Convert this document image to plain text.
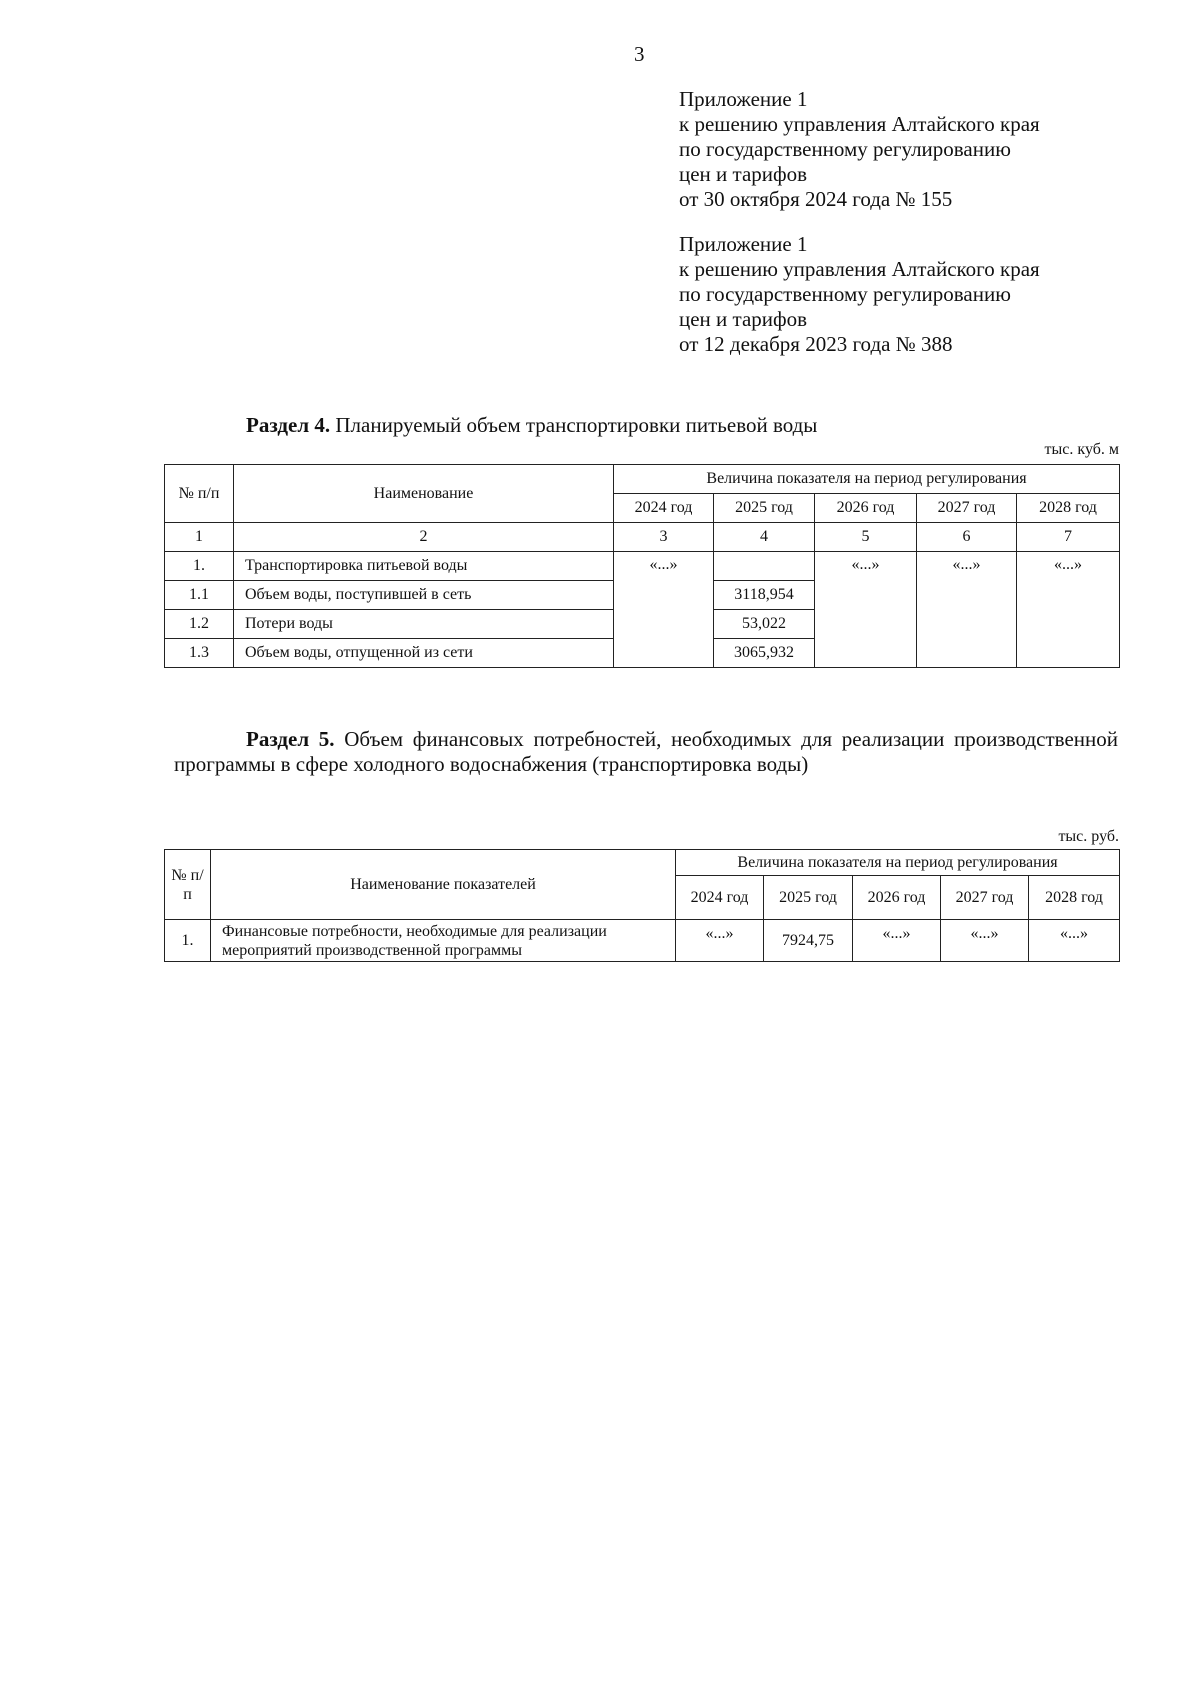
3
Приложение 1
к решению управления Алтайского края
по государственному регулированию
цен и тарифов
от 30 октября 2024 года № 155
Приложение 1
к решению управления Алтайского края
по государственному регулированию
цен и тарифов
от 12 декабря 2023 года № 388
Раздел 4. Планируемый объем транспортировки питьевой воды
тыс. куб. м
№ п/п	Наименование	Величина показателя на период регулирования				
		2024 год	2025 год	2026 год	2027 год	2028 год
1	2	3	4	5	6	7
1.	Транспортировка питьевой воды	«...»		«...»	«...»	«...»
1.1	Объем воды, поступившей в сеть		3118,954			
1.2	Потери воды		53,022			
1.3	Объем воды, отпущенной из сети		3065,932			
Раздел 5. Объем финансовых потребностей, необходимых для реализации производственной программы в сфере холодного водоснабжения (транспортировка воды)
тыс. руб.
№ п/п	Наименование показателей	Величина показателя на период регулирования				
		2024 год	2025 год	2026 год	2027 год	2028 год
1.	Финансовые потребности, необходимые для реализации мероприятий производственной программы	«...»	7924,75	«...»	«...»	«...»
